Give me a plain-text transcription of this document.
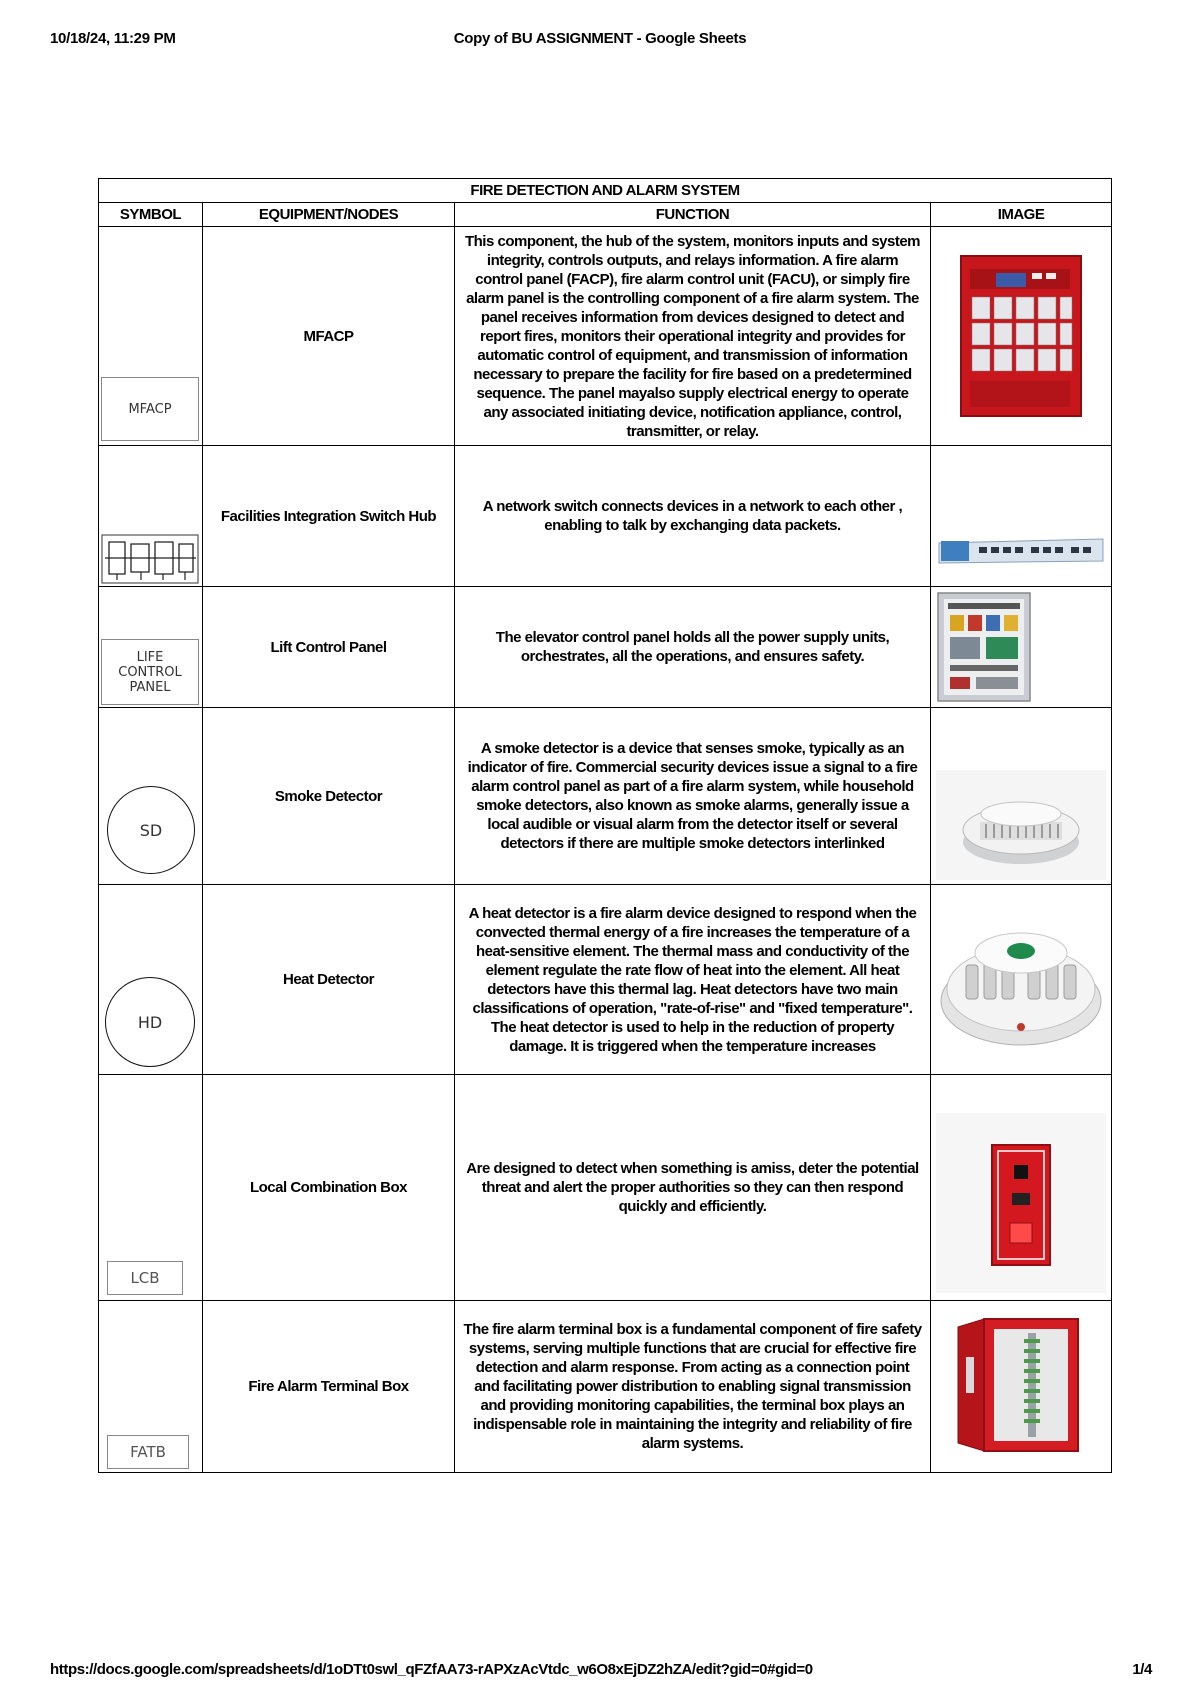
10/18/24, 11:29 PM	Copy of BU ASSIGNMENT - Google Sheets
FIRE DETECTION AND ALARM SYSTEM			
SYMBOL	EQUIPMENT/NODES	FUNCTION	IMAGE

MFACP	MFACP	This component, the hub of the system, monitors inputs and system integrity, controls outputs, and relays information. A fire alarm control panel (FACP), fire alarm control unit (FACU), or simply fire alarm panel is the controlling component of a fire alarm system. The panel receives information from devices designed to detect and report fires, monitors their operational integrity and provides for automatic control of equipment, and transmission of information necessary to prepare the facility for fire based on a predetermined sequence. The panel mayalso supply electrical energy to operate any associated initiating device, notification appliance, control, transmitter, or relay.	

	Facilities Integration Switch Hub	A network switch connects devices in a network to each other , enabling to talk by exchanging data packets.	

LIFE
CONTROL
PANEL	Lift Control Panel	The elevator control panel holds all the power supply units, orchestrates, all the operations, and ensures safety.	

SD	Smoke Detector	A smoke detector is a device that senses smoke, typically as an indicator of fire. Commercial security devices issue a signal to a fire alarm control panel as part of a fire alarm system, while household smoke detectors, also known as smoke alarms, generally issue a local audible or visual alarm from the detector itself or several detectors if there are multiple smoke detectors interlinked	

HD	Heat Detector	A heat detector is a fire alarm device designed to respond when the convected thermal energy of a fire increases the temperature of a heat-sensitive element. The thermal mass and conductivity of the element regulate the rate flow of heat into the element. All heat detectors have this thermal lag. Heat detectors have two main classifications of operation, "rate-of-rise" and "fixed temperature". The heat detector is used to help in the reduction of property damage. It is triggered when the temperature increases	

LCB	Local Combination Box	Are designed to detect when something is amiss, deter the potential threat and alert the proper authorities so they can then respond quickly and efficiently.	

FATB	Fire Alarm Terminal Box	The fire alarm terminal box is a fundamental component of fire safety systems, serving multiple functions that are crucial for effective fire detection and alarm response. From acting as a connection point and facilitating power distribution to enabling signal transmission and providing monitoring capabilities, the terminal box plays an indispensable role in maintaining the integrity and reliability of fire alarm systems.	
https://docs.google.com/spreadsheets/d/1oDTt0swl_qFZfAA73-rAPXzAcVtdc_w6O8xEjDZ2hZA/edit?gid=0#gid=0	1/4
